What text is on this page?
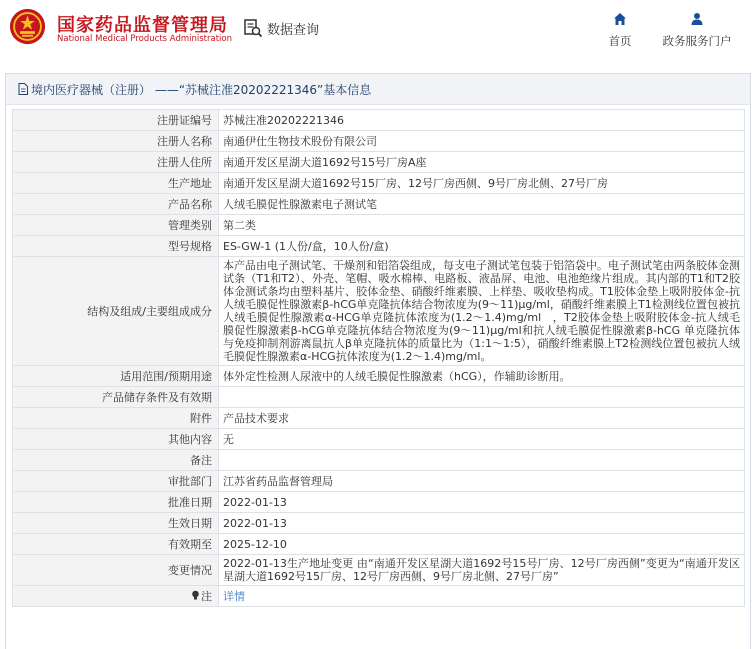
国家药品监督管理局
National Medical Products Administration
数据查询
首页	政务服务门户
境内医疗器械（注册） ——“苏械注准20202221346”基本信息
注册证编号	苏械注准20202221346
注册人名称	南通伊仕生物技术股份有限公司
注册人住所	南通开发区星湖大道1692号15号厂房A座
生产地址	南通开发区星湖大道1692号15厂房、12号厂房西侧、9号厂房北侧、27号厂房
产品名称	人绒毛膜促性腺激素电子测试笔
管理类别	第二类
型号规格	ES-GW-1 (1人份/盒，10人份/盒)
结构及组成/主要组成成分	本产品由电子测试笔、干燥剂和铝箔袋组成，每支电子测试笔包装于铝箔袋中。电子测试笔由两条胶体金测试条（T1和T2）、外壳、笔帽、吸水棉棒、电路板、液晶屏、电池、电池绝缘片组成。其内部的T1和T2胶体金测试条均由塑料基片、胶体金垫、硝酸纤维素膜、上样垫、吸收垫构成。T1胶体金垫上吸附胶体金-抗人绒毛膜促性腺激素β-hCG单克隆抗体结合物浓度为(9～11)μg/ml，硝酸纤维素膜上T1检测线位置包被抗人绒毛膜促性腺激素α-HCG单克隆抗体浓度为(1.2～1.4)mg/ml　，T2胶体金垫上吸附胶体金-抗人绒毛膜促性腺激素β-hCG单克隆抗体结合物浓度为(9～11)μg/ml和抗人绒毛膜促性腺激素β-hCG 单克隆抗体与免疫抑制剂游离鼠抗人β单克隆抗体的质量比为（1:1～1:5），硝酸纤维素膜上T2检测线位置包被抗人绒毛膜促性腺激素α-HCG抗体浓度为(1.2～1.4)mg/ml。
适用范围/预期用途	体外定性检测人尿液中的人绒毛膜促性腺激素（hCG），作辅助诊断用。
产品储存条件及有效期	
附件	产品技术要求
其他内容	无
备注	
审批部门	江苏省药品监督管理局
批准日期	2022-01-13
生效日期	2022-01-13
有效期至	2025-12-10
变更情况	2022-01-13生产地址变更 由“南通开发区星湖大道1692号15号厂房、12号厂房西侧”变更为“南通开发区星湖大道1692号15厂房、12号厂房西侧、9号厂房北侧、27号厂房”
注	详情
